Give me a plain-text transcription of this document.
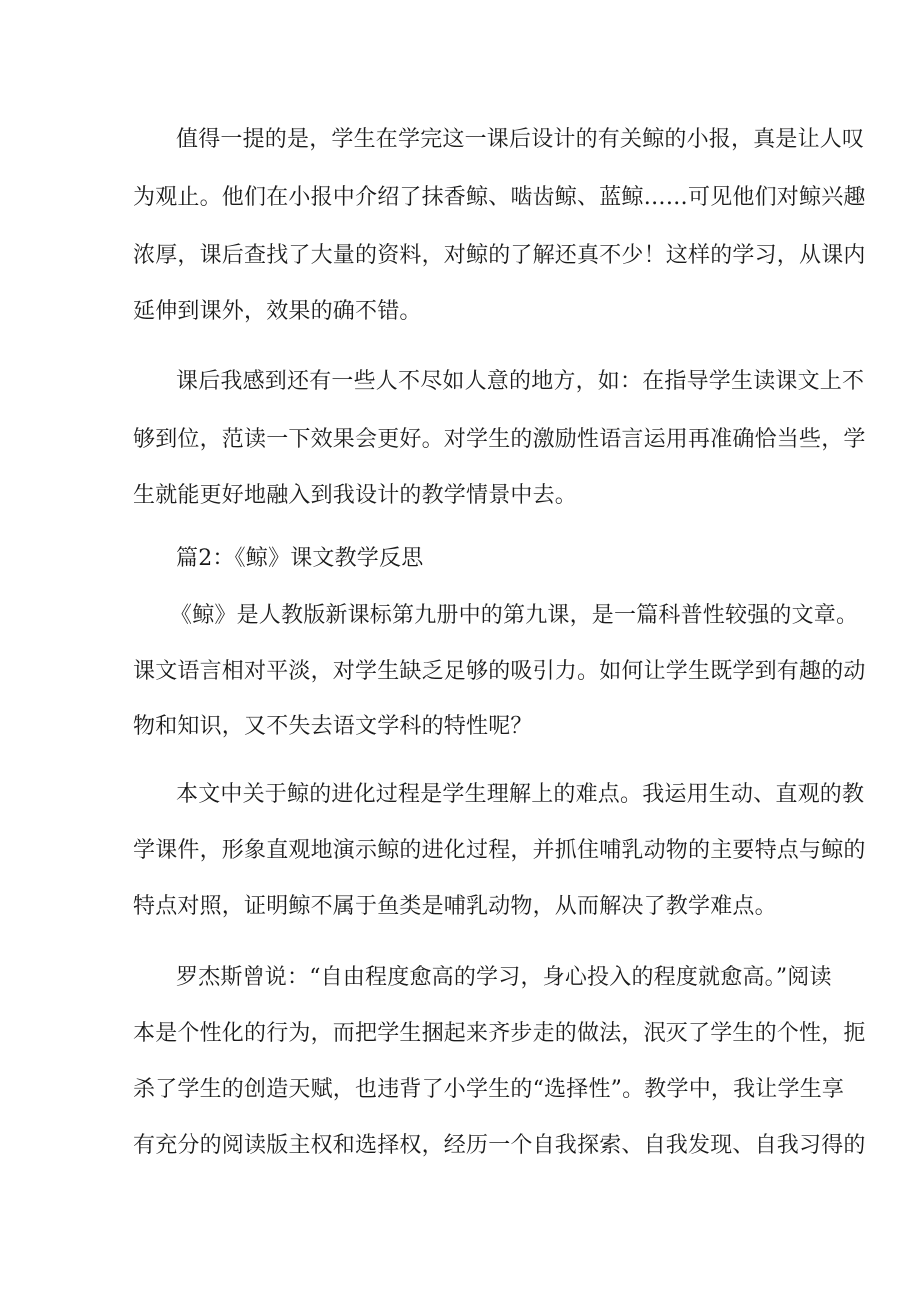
值得一提的是，学生在学完这一课后设计的有关鲸的小报，真是让人叹
为观止。他们在小报中介绍了抹香鲸、啮齿鲸、蓝鲸……可见他们对鲸兴趣
浓厚，课后查找了大量的资料，对鲸的了解还真不少！这样的学习，从课内
延伸到课外，效果的确不错。
课后我感到还有一些人不尽如人意的地方，如：在指导学生读课文上不
够到位，范读一下效果会更好。对学生的激励性语言运用再准确恰当些，学
生就能更好地融入到我设计的教学情景中去。
篇2：《鲸》课文教学反思
《鲸》是人教版新课标第九册中的第九课，是一篇科普性较强的文章。
课文语言相对平淡，对学生缺乏足够的吸引力。如何让学生既学到有趣的动
物和知识，又不失去语文学科的特性呢？
本文中关于鲸的进化过程是学生理解上的难点。我运用生动、直观的教
学课件，形象直观地演示鲸的进化过程，并抓住哺乳动物的主要特点与鲸的
特点对照，证明鲸不属于鱼类是哺乳动物，从而解决了教学难点。
罗杰斯曾说：“自由程度愈高的学习，身心投入的程度就愈高。”阅读
本是个性化的行为，而把学生捆起来齐步走的做法，泯灭了学生的个性，扼
杀了学生的创造天赋，也违背了小学生的“选择性”。教学中，我让学生享
有充分的阅读版主权和选择权，经历一个自我探索、自我发现、自我习得的
